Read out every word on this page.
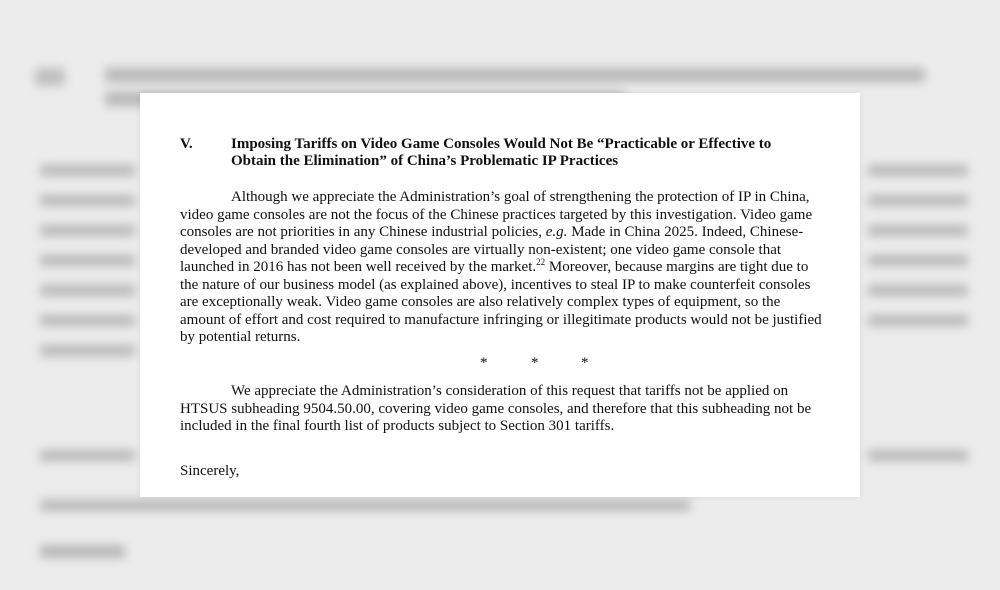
V.	Imposing Tariffs on Video Game Consoles Would Not Be “Practicable or Effective to Obtain the Elimination” of China’s Problematic IP Practices
Although we appreciate the Administration’s goal of strengthening the protection of IP in China, video game consoles are not the focus of the Chinese practices targeted by this investigation. Video game consoles are not priorities in any Chinese industrial policies, e.g. Made in China 2025. Indeed, Chinese-developed and branded video game consoles are virtually non-existent; one video game console that launched in 2016 has not been well received by the market.$^{22}$ Moreover, because margins are tight due to the nature of our business model (as explained above), incentives to steal IP to make counterfeit consoles are exceptionally weak. Video game consoles are also relatively complex types of equipment, so the amount of effort and cost required to manufacture infringing or illegitimate products would not be justified by potential returns.
*	*	*
We appreciate the Administration’s consideration of this request that tariffs not be applied on HTSUS subheading 9504.50.00, covering video game consoles, and therefore that this subheading not be included in the final fourth list of products subject to Section 301 tariffs.
Sincerely,
